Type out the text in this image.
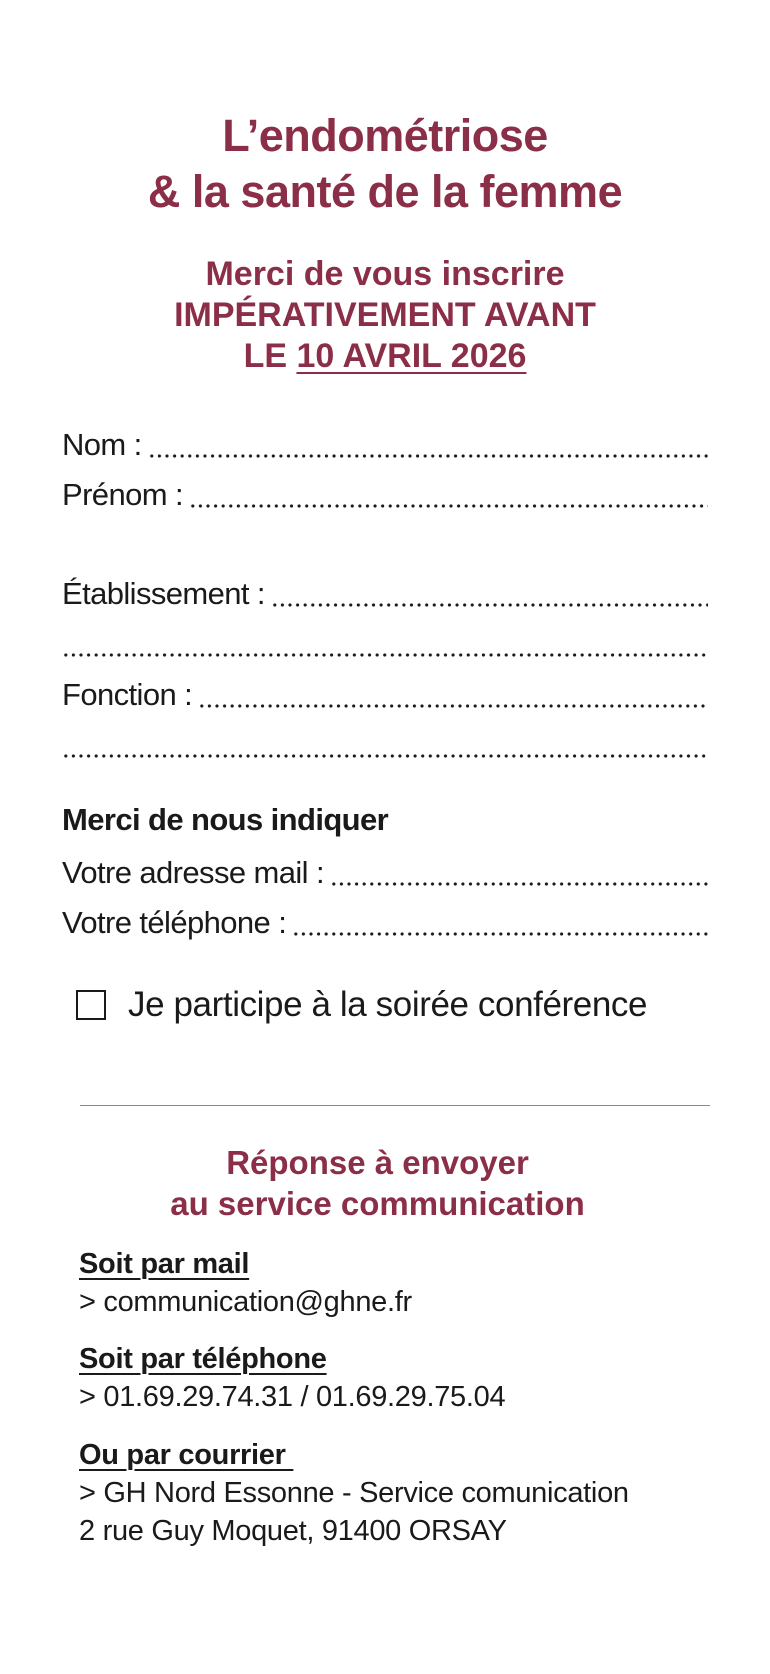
L’endométriose
& la santé de la femme
Merci de vous inscrire
IMPÉRATIVEMENT AVANT
LE 10 AVRIL 2026
Nom :
Prénom :
Établissement :
Fonction :
Merci de nous indiquer
Votre adresse mail :
Votre téléphone :
Je participe à la soirée conférence
Réponse à envoyer
au service communication
Soit par mail
> communication@ghne.fr
Soit par téléphone
> 01.69.29.74.31 / 01.69.29.75.04
Ou par courrier
> GH Nord Essonne - Service comunication
2 rue Guy Moquet, 91400 ORSAY
